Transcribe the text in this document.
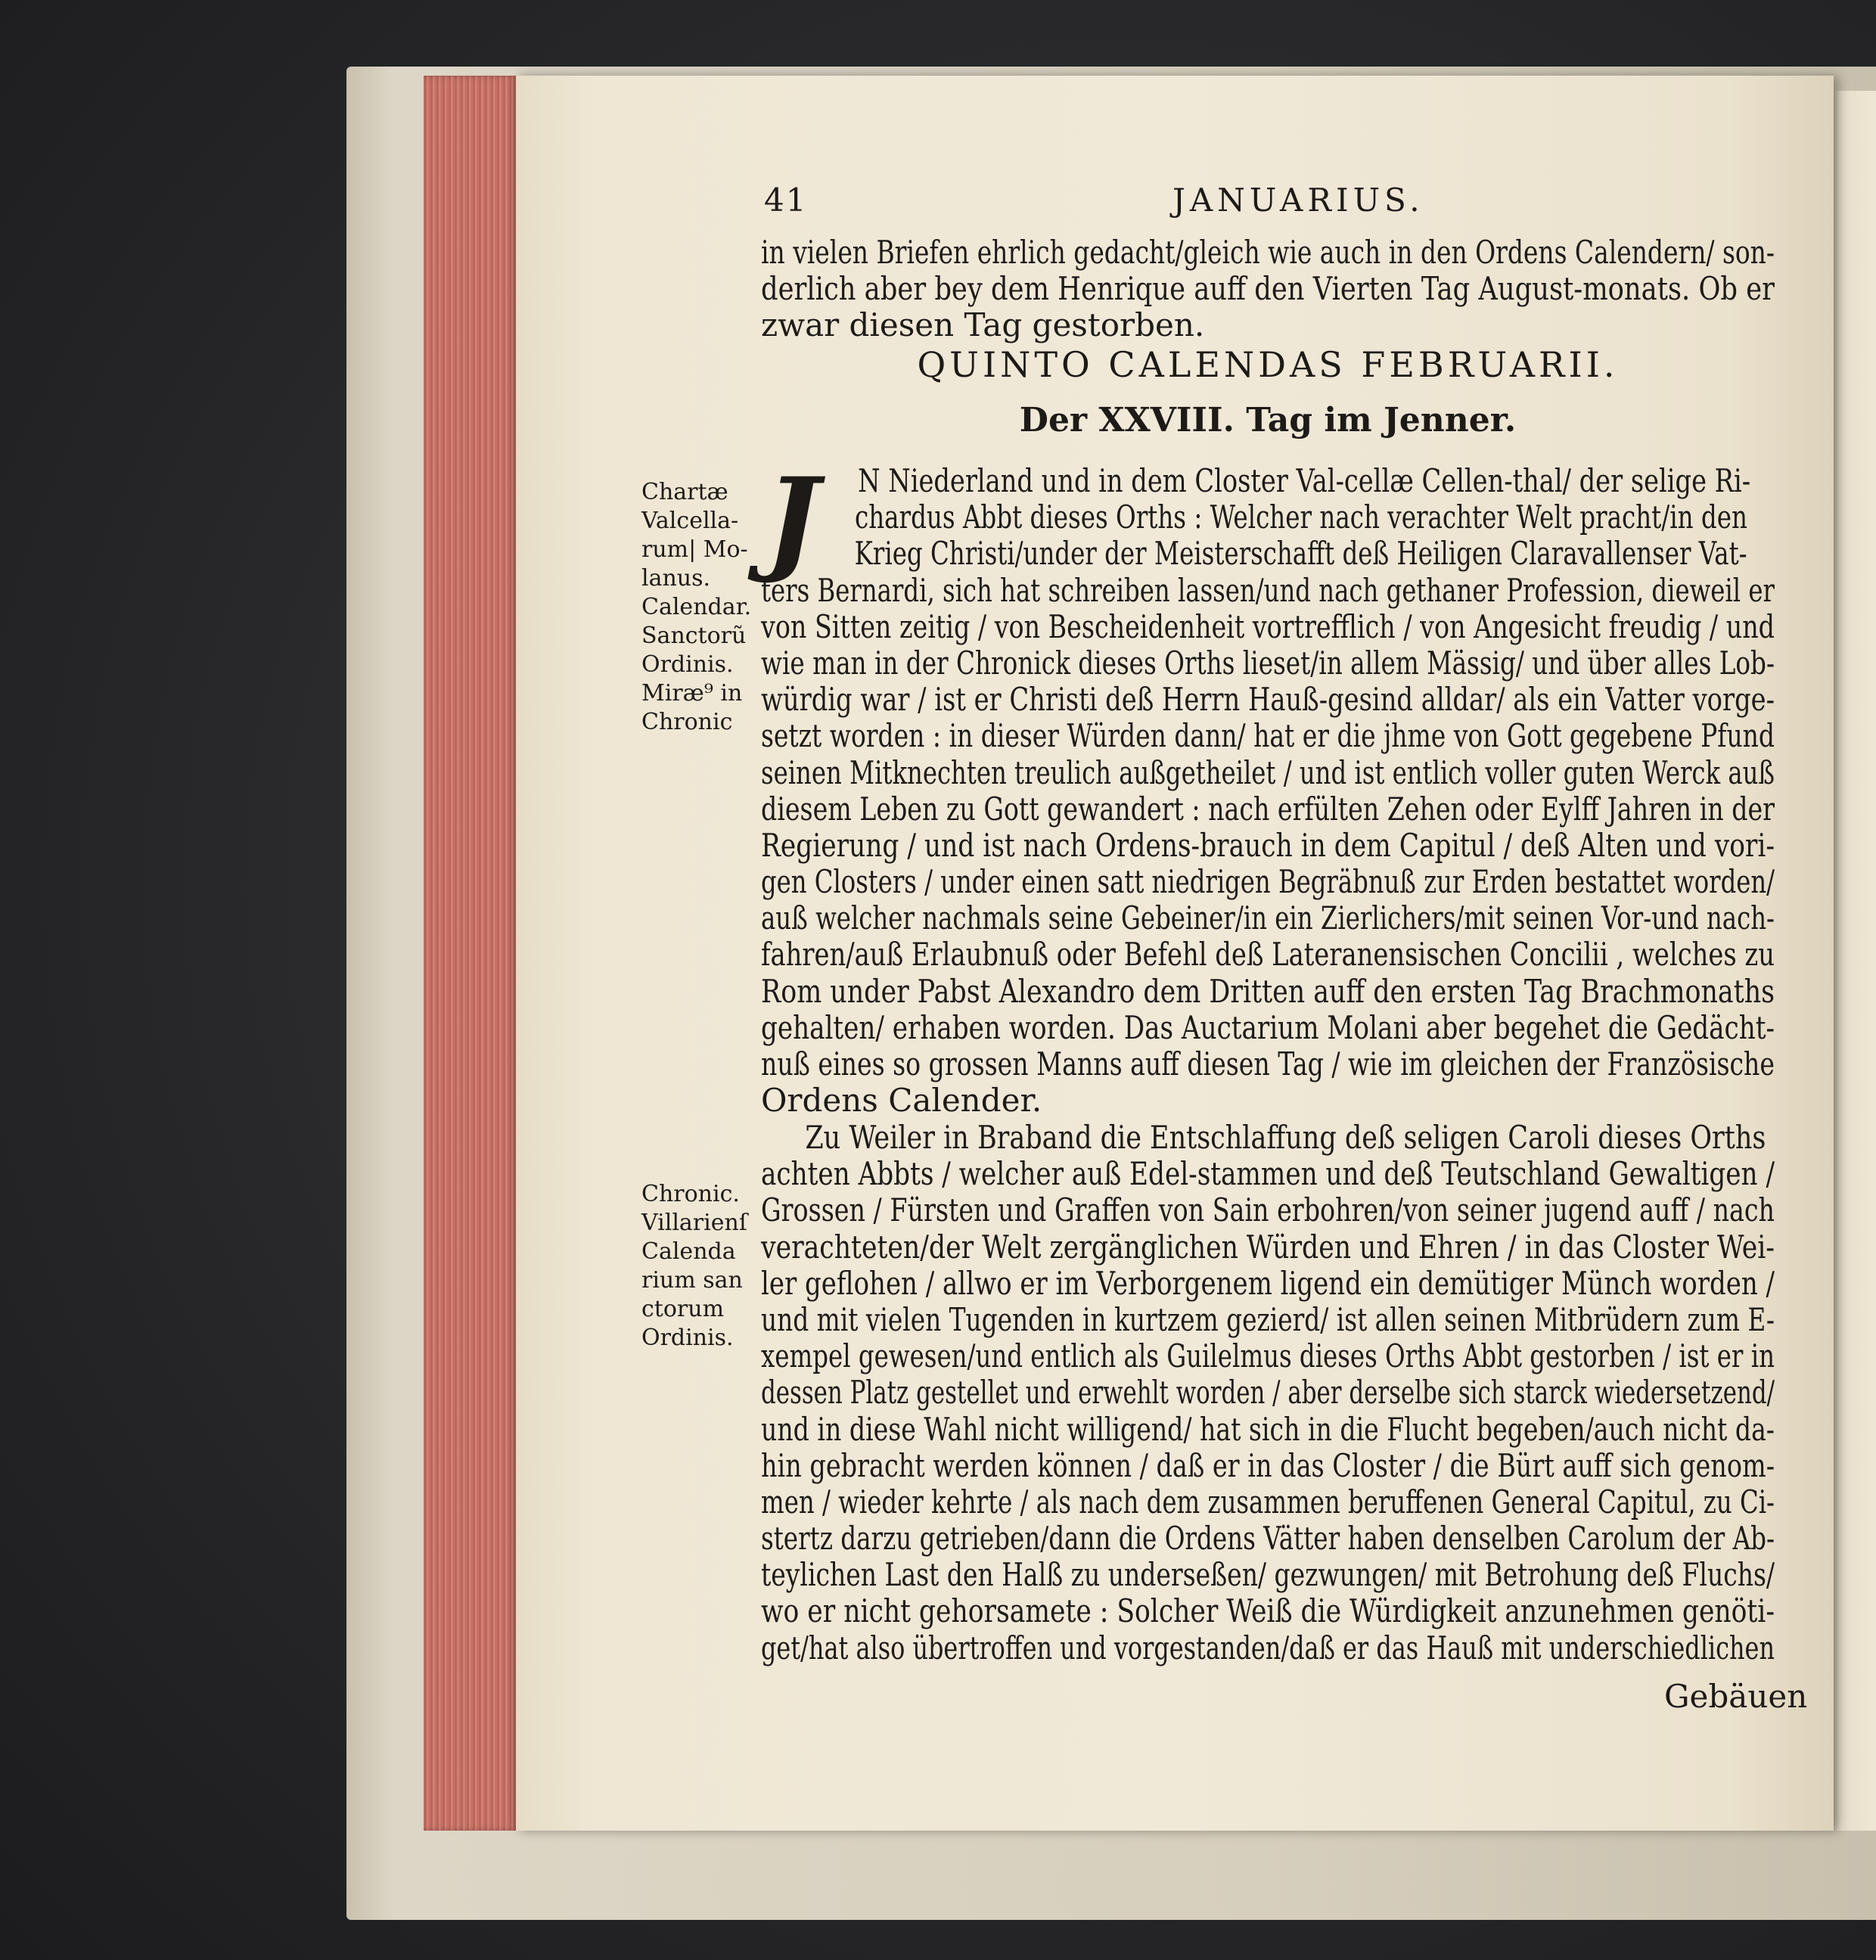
41	JANUARIUS.
in vielen Briefen ehrlich gedacht/gleich wie auch in den Ordens Calendern/ son-
derlich aber bey dem Henrique auff den Vierten Tag August-monats. Ob er
zwar diesen Tag gestorben.
QUINTO CALENDAS FEBRUARII.
Der XXVIII. Tag im Jenner.
J	N Niederland und in dem Closter Val-cellæ Cellen-thal/ der selige Ri-
chardus Abbt dieses Orths : Welcher nach verachter Welt pracht/in den
Krieg Christi/under der Meisterschafft deß Heiligen Claravallenser Vat-
ters Bernardi, sich hat schreiben lassen/und nach gethaner Profession, dieweil er
von Sitten zeitig / von Bescheidenheit vortrefflich / von Angesicht freudig / und
wie man in der Chronick dieses Orths lieset/in allem Mässig/ und über alles Lob-
würdig war / ist er Christi deß Herrn Hauß-gesind alldar/ als ein Vatter vorge-
setzt worden : in dieser Würden dann/ hat er die jhme von Gott gegebene Pfund
seinen Mitknechten treulich außgetheilet / und ist entlich voller guten Werck auß
diesem Leben zu Gott gewandert : nach erfülten Zehen oder Eylff Jahren in der
Regierung / und ist nach Ordens-brauch in dem Capitul / deß Alten und vori-
gen Closters / under einen satt niedrigen Begräbnuß zur Erden bestattet worden/
auß welcher nachmals seine Gebeiner/in ein Zierlichers/mit seinen Vor-und nach-
fahren/auß Erlaubnuß oder Befehl deß Lateranensischen Concilii , welches zu
Rom under Pabst Alexandro dem Dritten auff den ersten Tag Brachmonaths
gehalten/ erhaben worden. Das Auctarium Molani aber begehet die Gedächt-
nuß eines so grossen Manns auff diesen Tag / wie im gleichen der Französische
Ordens Calender.
Zu Weiler in Braband die Entschlaffung deß seligen Caroli dieses Orths
achten Abbts / welcher auß Edel-stammen und deß Teutschland Gewaltigen /
Grossen / Fürsten und Graffen von Sain erbohren/von seiner jugend auff / nach
verachteten/der Welt zergänglichen Würden und Ehren / in das Closter Wei-
ler geflohen / allwo er im Verborgenem ligend ein demütiger Münch worden /
und mit vielen Tugenden in kurtzem gezierd/ ist allen seinen Mitbrüdern zum E-
xempel gewesen/und entlich als Guilelmus dieses Orths Abbt gestorben / ist er in
dessen Platz gestellet und erwehlt worden / aber derselbe sich starck wiedersetzend/
und in diese Wahl nicht willigend/ hat sich in die Flucht begeben/auch nicht da-
hin gebracht werden können / daß er in das Closter / die Bürt auff sich genom-
men / wieder kehrte / als nach dem zusammen beruffenen General Capitul, zu Ci-
stertz darzu getrieben/dann die Ordens Vätter haben denselben Carolum der Ab-
teylichen Last den Halß zu underseßen/ gezwungen/ mit Betrohung deß Fluchs/
wo er nicht gehorsamete : Solcher Weiß die Würdigkeit anzunehmen genöti-
get/hat also übertroffen und vorgestanden/daß er das Hauß mit underschiedlichen
Gebäuen
Chartæ
Valcella-
rum| Mo-
lanus.
Calendar.
Sanctorũ
Ordinis.
Miræ⁹ in
Chronic
Chronic.
Villarienſ
Calenda
rium san
ctorum
Ordinis.
